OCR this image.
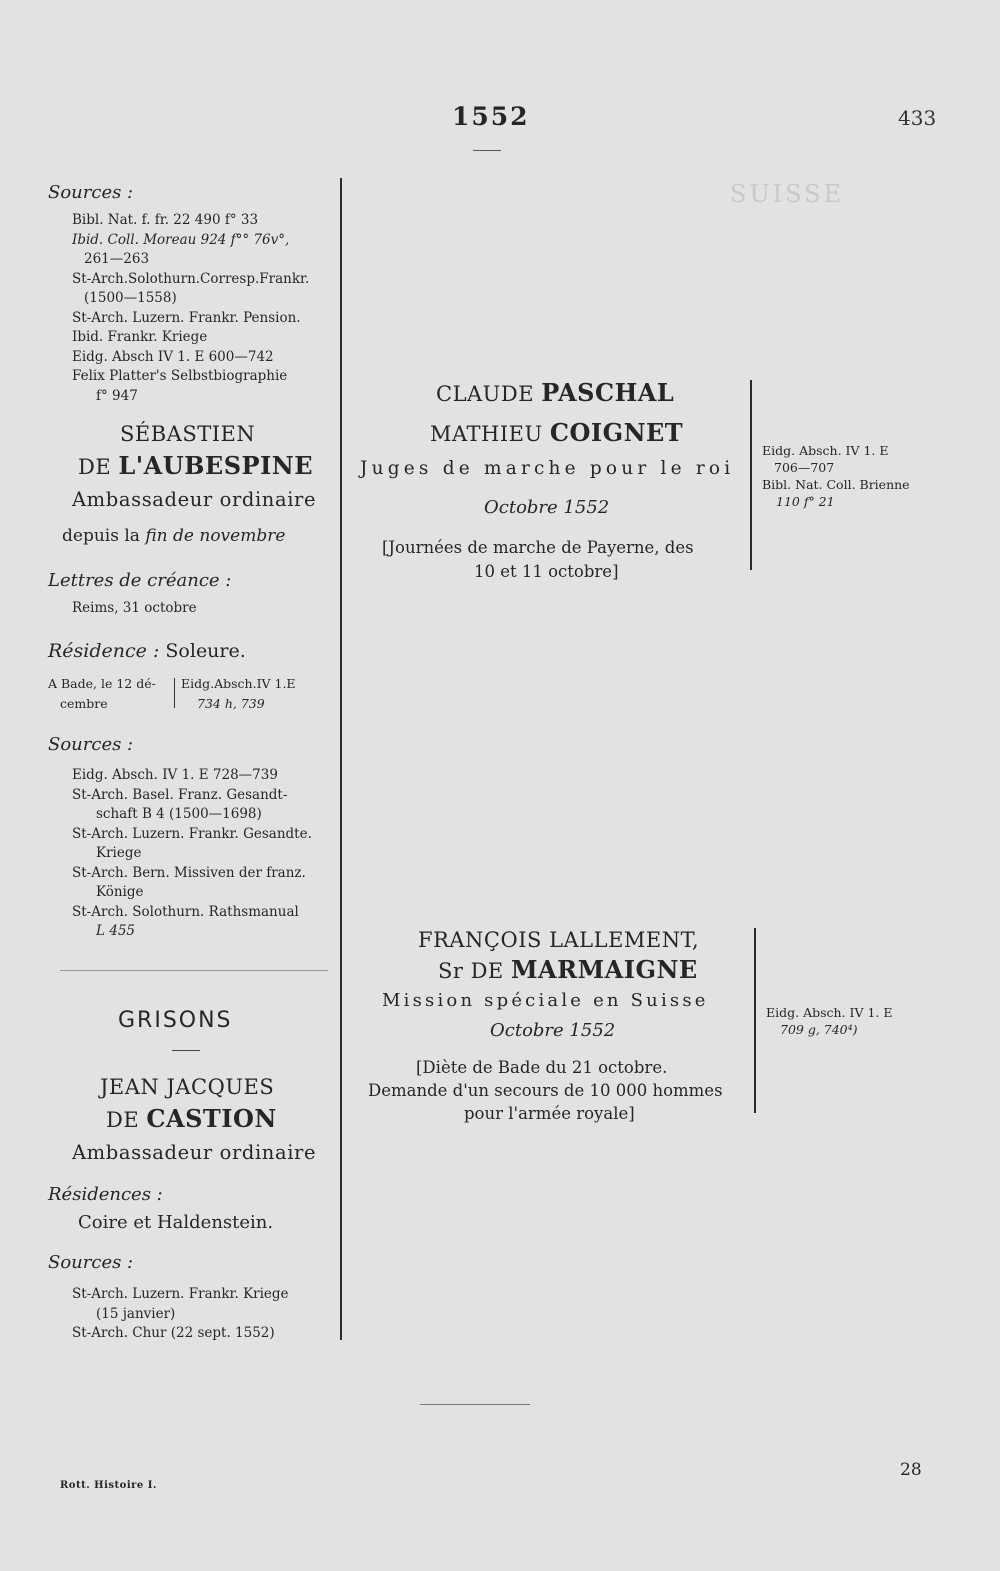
1552	433
SUISSE
Sources :
Bibl. Nat. f. fr. 22 490 f° 33
Ibid. Coll. Moreau 924 f°° 76v°,
261—263
St-Arch.Solothurn.Corresp.Frankr.
(1500—1558)
St-Arch. Luzern. Frankr. Pension.
Ibid. Frankr. Kriege
Eidg. Absch IV 1. E 600—742
Felix Platter's Selbstbiographie
f° 947
SÉBASTIEN
DE L'AUBESPINE
Ambassadeur ordinaire
depuis la fin de novembre
Lettres de créance :
Reims, 31 octobre
Résidence : Soleure.
A Bade, le 12 dé-
cembre
Eidg.Absch.IV 1.E
734 h, 739
Sources :
Eidg. Absch. IV 1. E 728—739
St-Arch. Basel. Franz. Gesandt-
schaft B 4 (1500—1698)
St-Arch. Luzern. Frankr. Gesandte.
Kriege
St-Arch. Bern. Missiven der franz.
Könige
St-Arch. Solothurn. Rathsmanual
L 455
GRISONS
JEAN JACQUES
DE CASTION
Ambassadeur ordinaire
Résidences :
Coire et Haldenstein.
Sources :
St-Arch. Luzern. Frankr. Kriege
(15 janvier)
St-Arch. Chur (22 sept. 1552)
CLAUDE PASCHAL
MATHIEU COIGNET
Juges de marche pour le roi
Octobre 1552
[Journées de marche de Payerne, des
10 et 11 octobre]
FRANÇOIS LALLEMENT,
Sr DE MARMAIGNE
Mission spéciale en Suisse
Octobre 1552
[Diète de Bade du 21 octobre.
Demande d'un secours de 10 000 hommes
pour l'armée royale]
Eidg. Absch. IV 1. E
706—707
Bibl. Nat. Coll. Brienne
110 f° 21
Eidg. Absch. IV 1. E
709 g, 740⁴)
Rott. Histoire I.
28
